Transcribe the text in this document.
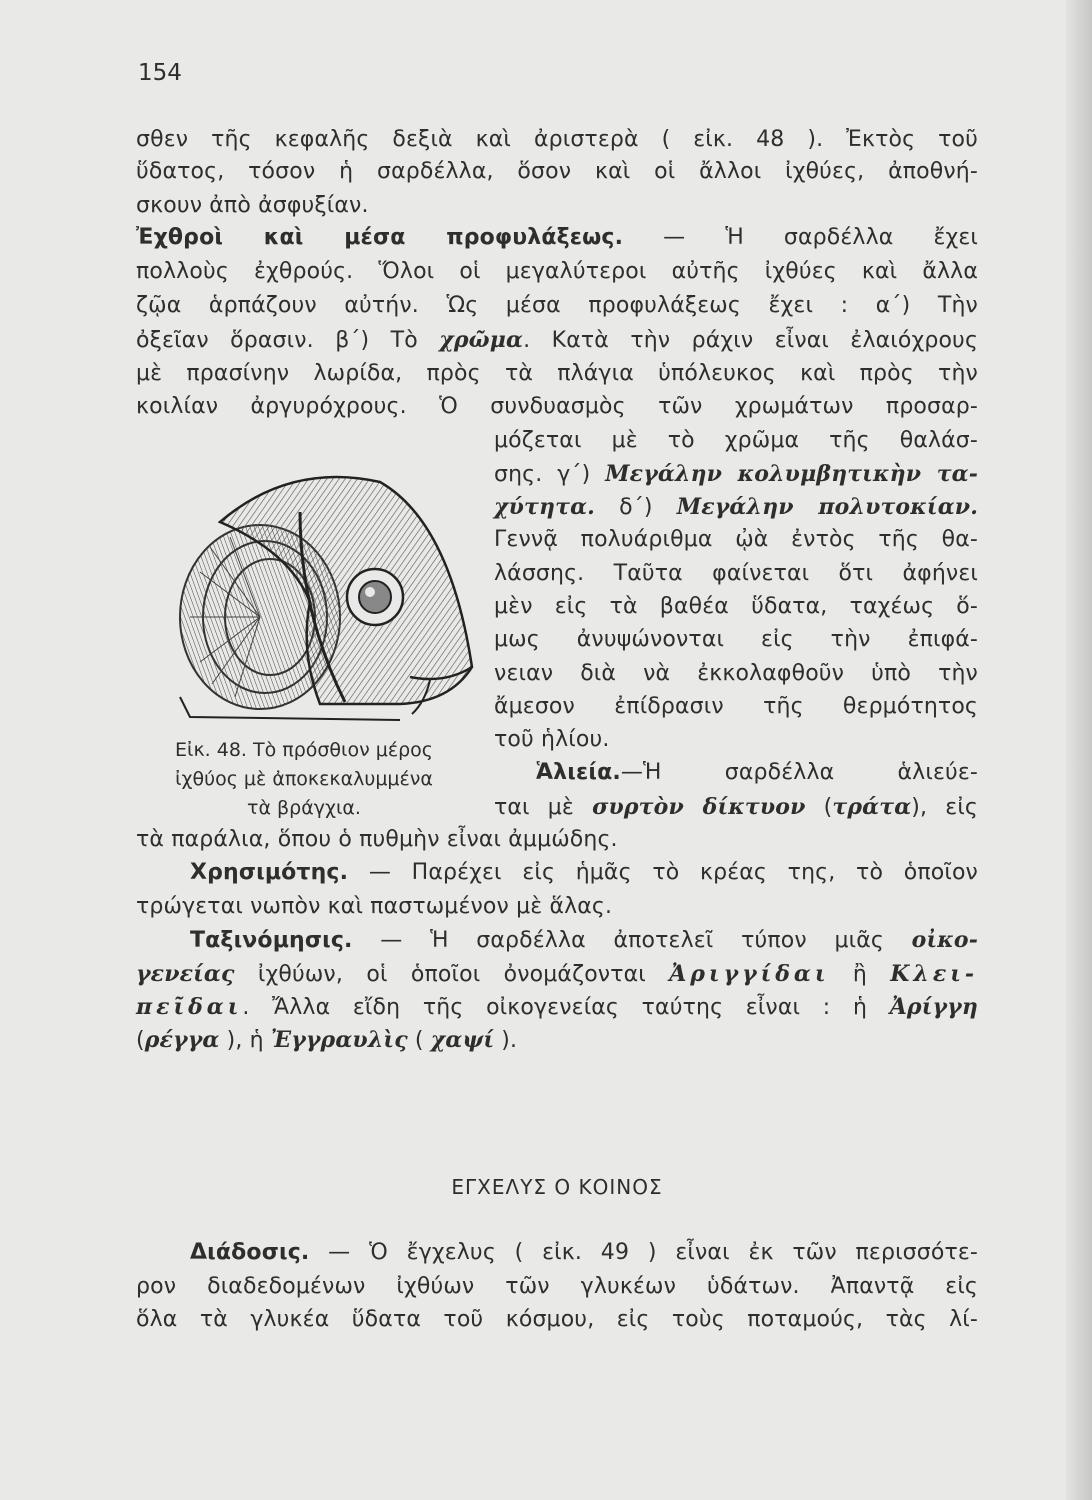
154
σθεν τῆς κεφαλῆς δεξιὰ καὶ ἀριστερὰ ( εἰκ. 48 ). Ἐκτὸς τοῦ
ὕδατος, τόσον ἡ σαρδέλλα, ὅσον καὶ οἱ ἄλλοι ἰχθύες, ἀποθνή-
σκουν ἀπὸ ἀσφυξίαν.
Ἐχθροὶ καὶ μέσα προφυλάξεως. — Ἡ σαρδέλλα ἔχει
πολλοὺς ἐχθρούς. Ὅλοι οἱ μεγαλύτεροι αὐτῆς ἰχθύες καὶ ἄλλα
ζῷα ἁρπάζουν αὐτήν. Ὡς μέσα προφυλάξεως ἔχει : α΄) Τὴν
ὀξεῖαν ὅρασιν. β΄) Τὸ χρῶμα. Κατὰ τὴν ράχιν εἶναι ἐλαιόχρους
μὲ πρασίνην λωρίδα, πρὸς τὰ πλάγια ὑπόλευκος καὶ πρὸς τὴν
κοιλίαν ἀργυρόχρους. Ὁ συνδυασμὸς τῶν χρωμάτων προσαρ-
μόζεται μὲ τὸ χρῶμα τῆς θαλάσ-
σης. γ΄) Μεγάλην κολυμβητικὴν τα-
χύτητα. δ΄) Μεγάλην πολυτοκίαν.
Γεννᾷ πολυάριθμα ᾠὰ ἐντὸς τῆς θα-
λάσσης. Ταῦτα φαίνεται ὅτι ἀφήνει
μὲν εἰς τὰ βαθέα ὕδατα, ταχέως ὅ-
μως ἀνυψώνονται εἰς τὴν ἐπιφά-
νειαν διὰ νὰ ἐκκολαφθοῦν ὑπὸ τὴν
ἄμεσον ἐπίδρασιν τῆς θερμότητος
τοῦ ἡλίου.
Ἁλιεία.—Ἡ σαρδέλλα ἁλιεύε-
ται μὲ συρτὸν δίκτυον (τράτα), εἰς
τὰ παράλια, ὅπου ὁ πυθμὴν εἶναι ἀμμώδης.
Χρησιμότης. — Παρέχει εἰς ἡμᾶς τὸ κρέας της, τὸ ὁποῖον
τρώγεται νωπὸν καὶ παστωμένον μὲ ἅλας.
Ταξινόμησις. — Ἡ σαρδέλλα ἀποτελεῖ τύπον μιᾶς οἰκο-
γενείας ἰχθύων, οἱ ὁποῖοι ὀνομάζονται Ἀριγγίδαι ἢ Κλει-
πεῖδαι. Ἄλλα εἴδη τῆς οἰκογενείας ταύτης εἶναι : ἡ Ἀρίγγη
(ρέγγα ), ἡ Ἐγγραυλὶς ( χαψί ).
Διάδοσις. — Ὁ ἔγχελυς ( εἰκ. 49 ) εἶναι ἐκ τῶν περισσότε-
ρον διαδεδομένων ἰχθύων τῶν γλυκέων ὑδάτων. Ἀπαντᾷ εἰς
ὅλα τὰ γλυκέα ὕδατα τοῦ κόσμου, εἰς τοὺς ποταμούς, τὰς λί-
ΕΓΧΕΛΥΣ Ο ΚΟΙΝΟΣ
Εἰκ. 48. Τὸ πρόσθιον μέρος
ἰχθύος μὲ ἀποκεκαλυμμένα
τὰ βράγχια.
